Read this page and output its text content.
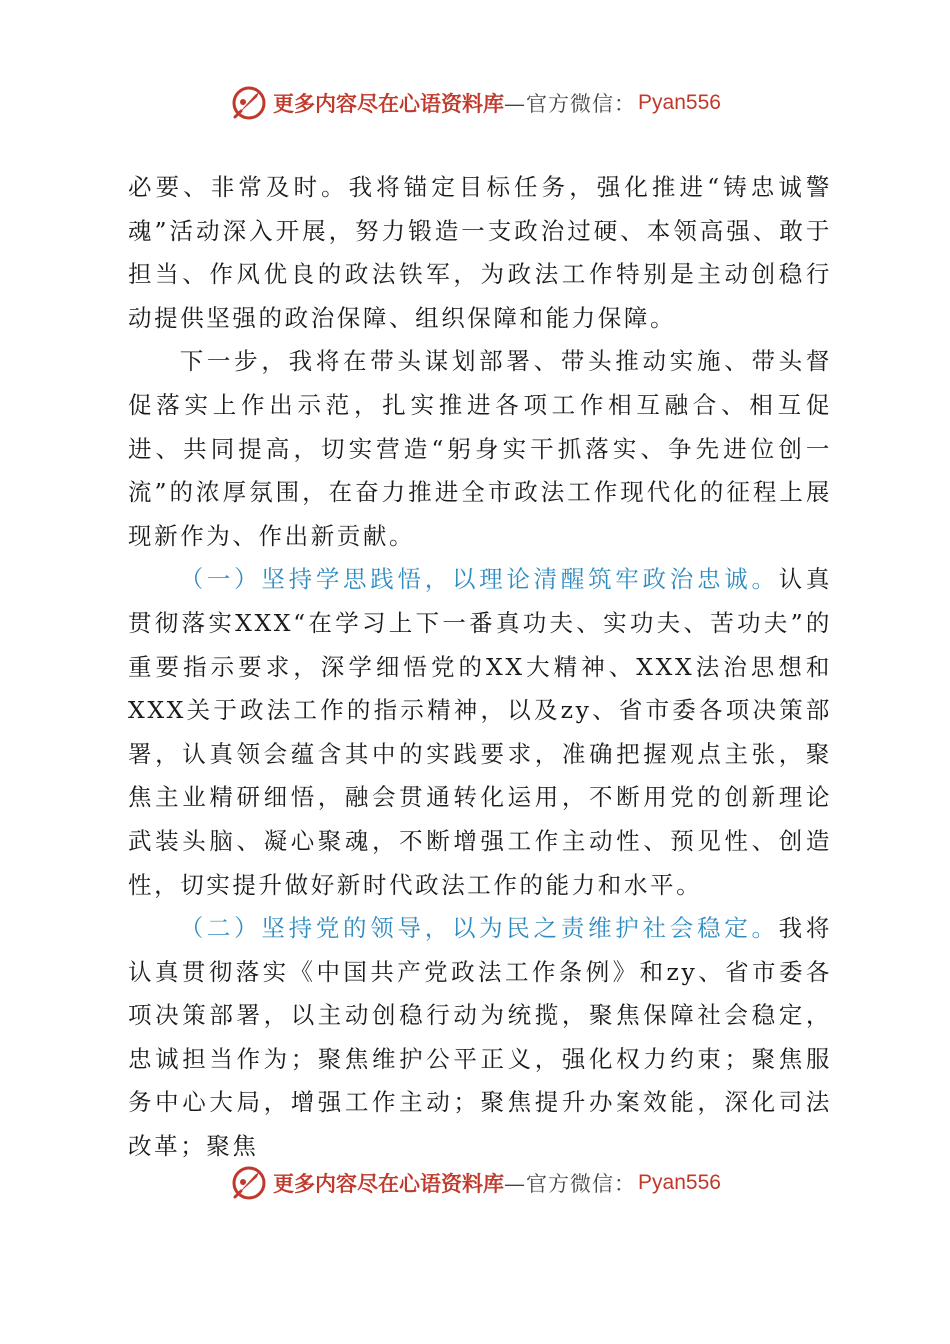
更多内容尽在心语资料库 —官方微信： Pyan556

必要、非常及时。我将锚定目标任务，强化推进“铸忠诚警魂”活动深入开展，努力锻造一支政治过硬、本领高强、敢于担当、作风优良的政法铁军，为政法工作特别是主动创稳行动提供坚强的政治保障、组织保障和能力保障。

下一步，我将在带头谋划部署、带头推动实施、带头督促落实上作出示范，扎实推进各项工作相互融合、相互促进、共同提高，切实营造“躬身实干抓落实、争先进位创一流”的浓厚氛围，在奋力推进全市政法工作现代化的征程上展现新作为、作出新贡献。

（一）坚持学思践悟，以理论清醒筑牢政治忠诚。认真贯彻落实XXX“在学习上下一番真功夫、实功夫、苦功夫”的重要指示要求，深学细悟党的XX大精神、XXX法治思想和XXX关于政法工作的指示精神，以及zy、省市委各项决策部署，认真领会蕴含其中的实践要求，准确把握观点主张，聚焦主业精研细悟，融会贯通转化运用，不断用党的创新理论武装头脑、凝心聚魂，不断增强工作主动性、预见性、创造性，切实提升做好新时代政法工作的能力和水平。

（二）坚持党的领导，以为民之责维护社会稳定。我将认真贯彻落实《中国共产党政法工作条例》和zy、省市委各项决策部署，以主动创稳行动为统揽，聚焦保障社会稳定，忠诚担当作为；聚焦维护公平正义，强化权力约束；聚焦服务中心大局，增强工作主动；聚焦提升办案效能，深化司法改革；聚焦

更多内容尽在心语资料库 —官方微信： Pyan556
